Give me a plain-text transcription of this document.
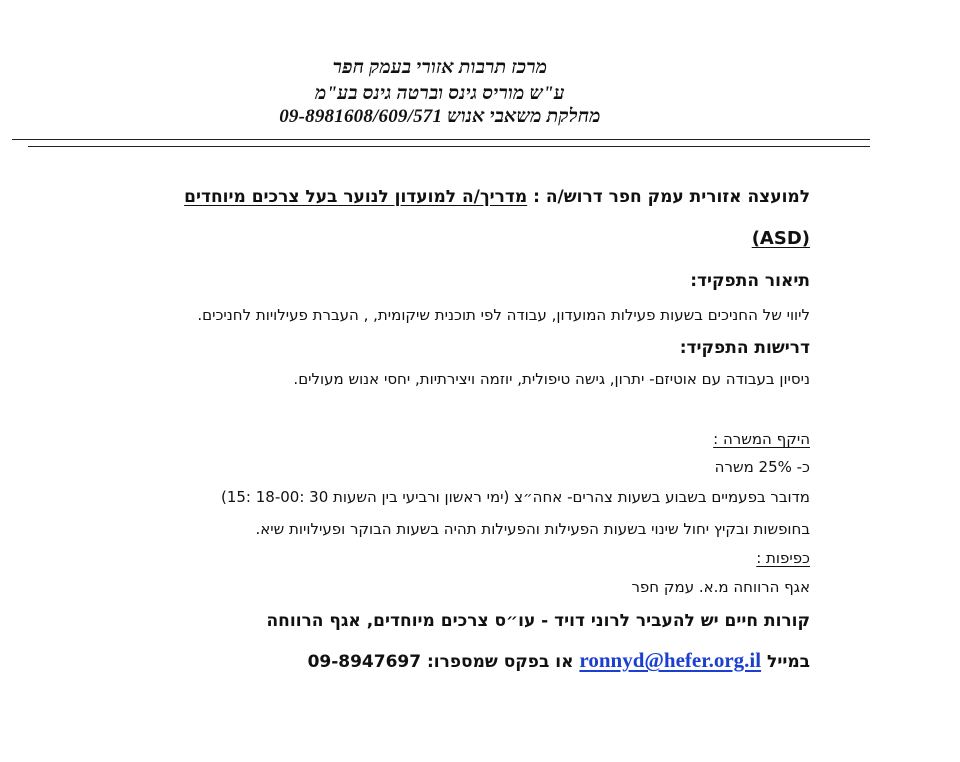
מרכז תרבות אזורי בעמק חפר
ע"ש מוריס גינס וברטה גינס בע"מ
מחלקת משאבי אנוש 09-8981608/609/571
למועצה אזורית עמק חפר דרוש/ה : מדריך/ה למועדון לנוער בעל צרכים מיוחדים
(ASD)
תיאור התפקיד:
ליווי של החניכים בשעות פעילות המועדון, עבודה לפי תוכנית שיקומית, , העברת פעילויות לחניכים.
דרישות התפקיד:
ניסיון בעבודה עם אוטיזם- יתרון, גישה טיפולית, יוזמה ויצירתיות, יחסי אנוש מעולים.
היקף המשרה :
כ- 25% משרה
מדובר בפעמיים בשבוע בשעות צהרים- אחה״צ (ימי ראשון ורביעי בין השעות 30 :18-00 :15)
בחופשות ובקיץ יחול שינוי בשעות הפעילות והפעילות תהיה בשעות הבוקר ופעילויות שיא.
כפיפות :
אגף הרווחה מ.א. עמק חפר
קורות חיים יש להעביר לרוני דויד - עו״ס צרכים מיוחדים, אגף הרווחה
במייל ronnyd@hefer.org.il או בפקס שמספרו: 09-8947697
